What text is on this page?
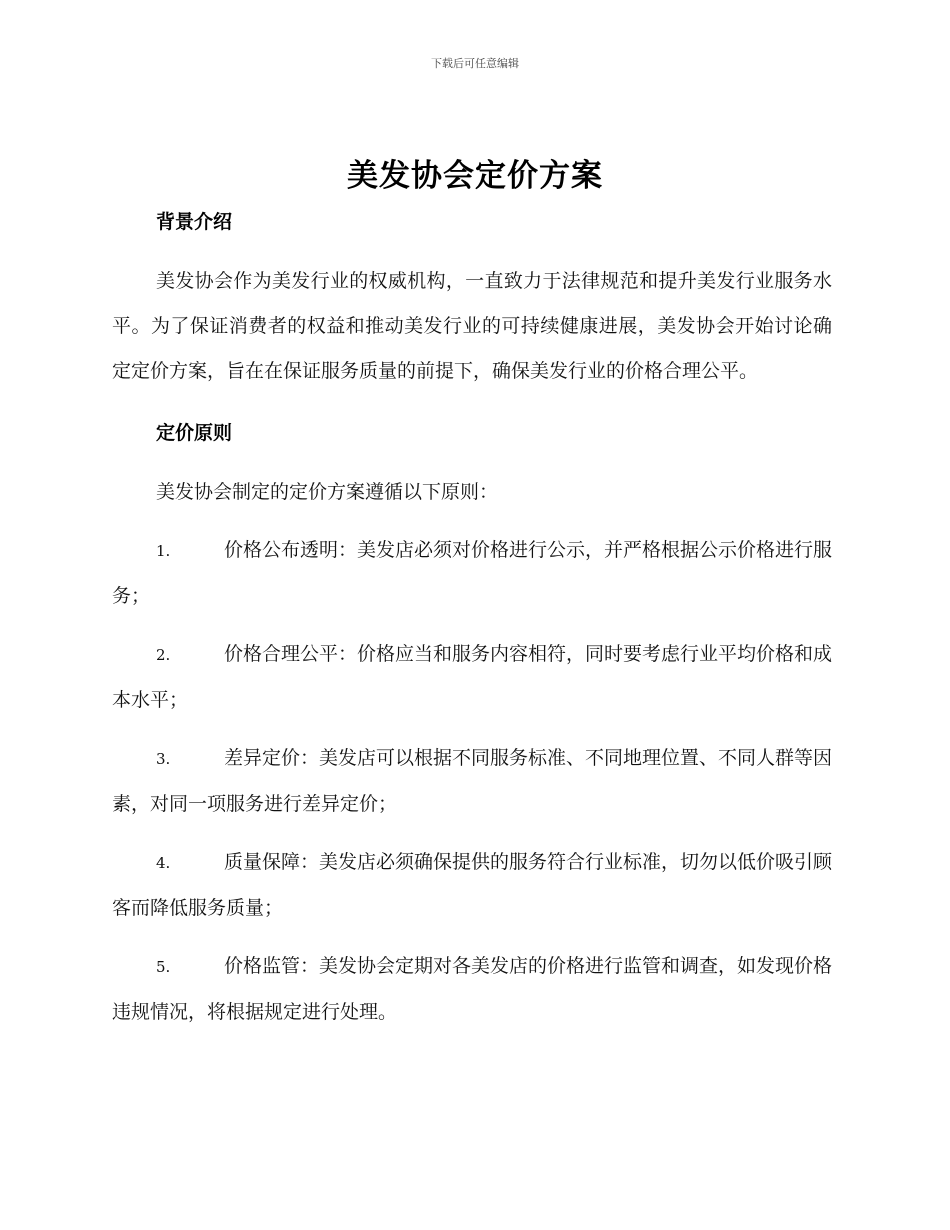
下载后可任意编辑
美发协会定价方案

背景介绍

美发协会作为美发行业的权威机构，一直致力于法律规范和提升美发行业服务水平。为了保证消费者的权益和推动美发行业的可持续健康进展，美发协会开始讨论确定定价方案，旨在在保证服务质量的前提下，确保美发行业的价格合理公平。

定价原则

美发协会制定的定价方案遵循以下原则：

1.	价格公布透明：美发店必须对价格进行公示，并严格根据公示价格进行服务；

2.	价格合理公平：价格应当和服务内容相符，同时要考虑行业平均价格和成本水平；

3.	差异定价：美发店可以根据不同服务标准、不同地理位置、不同人群等因素，对同一项服务进行差异定价；

4.	质量保障：美发店必须确保提供的服务符合行业标准，切勿以低价吸引顾客而降低服务质量；

5.	价格监管：美发协会定期对各美发店的价格进行监管和调查，如发现价格违规情况，将根据规定进行处理。
